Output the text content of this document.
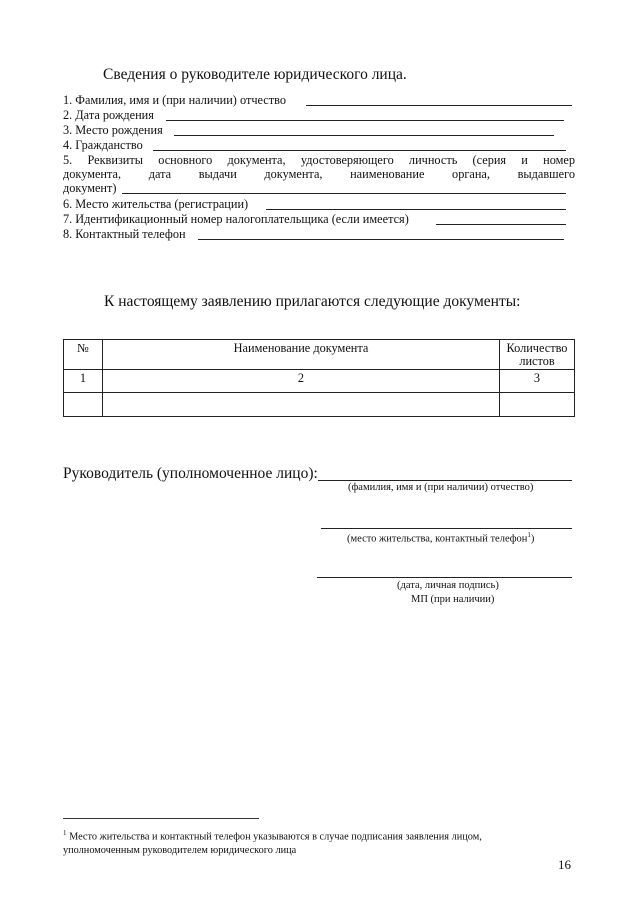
Сведения о руководителе юридического лица.
1. Фамилия, имя и (при наличии) отчество
2. Дата рождения
3. Место рождения
4. Гражданство
5. Реквизиты основного документа, удостоверяющего личность (серия и номер
документа, дата выдачи документа, наименование органа, выдавшего
документ)
6. Место жительства (регистрации)
7. Идентификационный номер налогоплательщика (если имеется)
8. Контактный телефон
К настоящему заявлению прилагаются следующие документы:
№	Наименование документа	Количество листов
1	2	3

Руководитель (уполномоченное лицо):
(фамилия, имя и (при наличии) отчество)
(место жительства, контактный телефон$^1$)
(дата, личная подпись)
МП (при наличии)
$^1$ Место жительства и контактный телефон указываются в случае подписания заявления лицом, уполномоченным руководителем юридического лица
16
